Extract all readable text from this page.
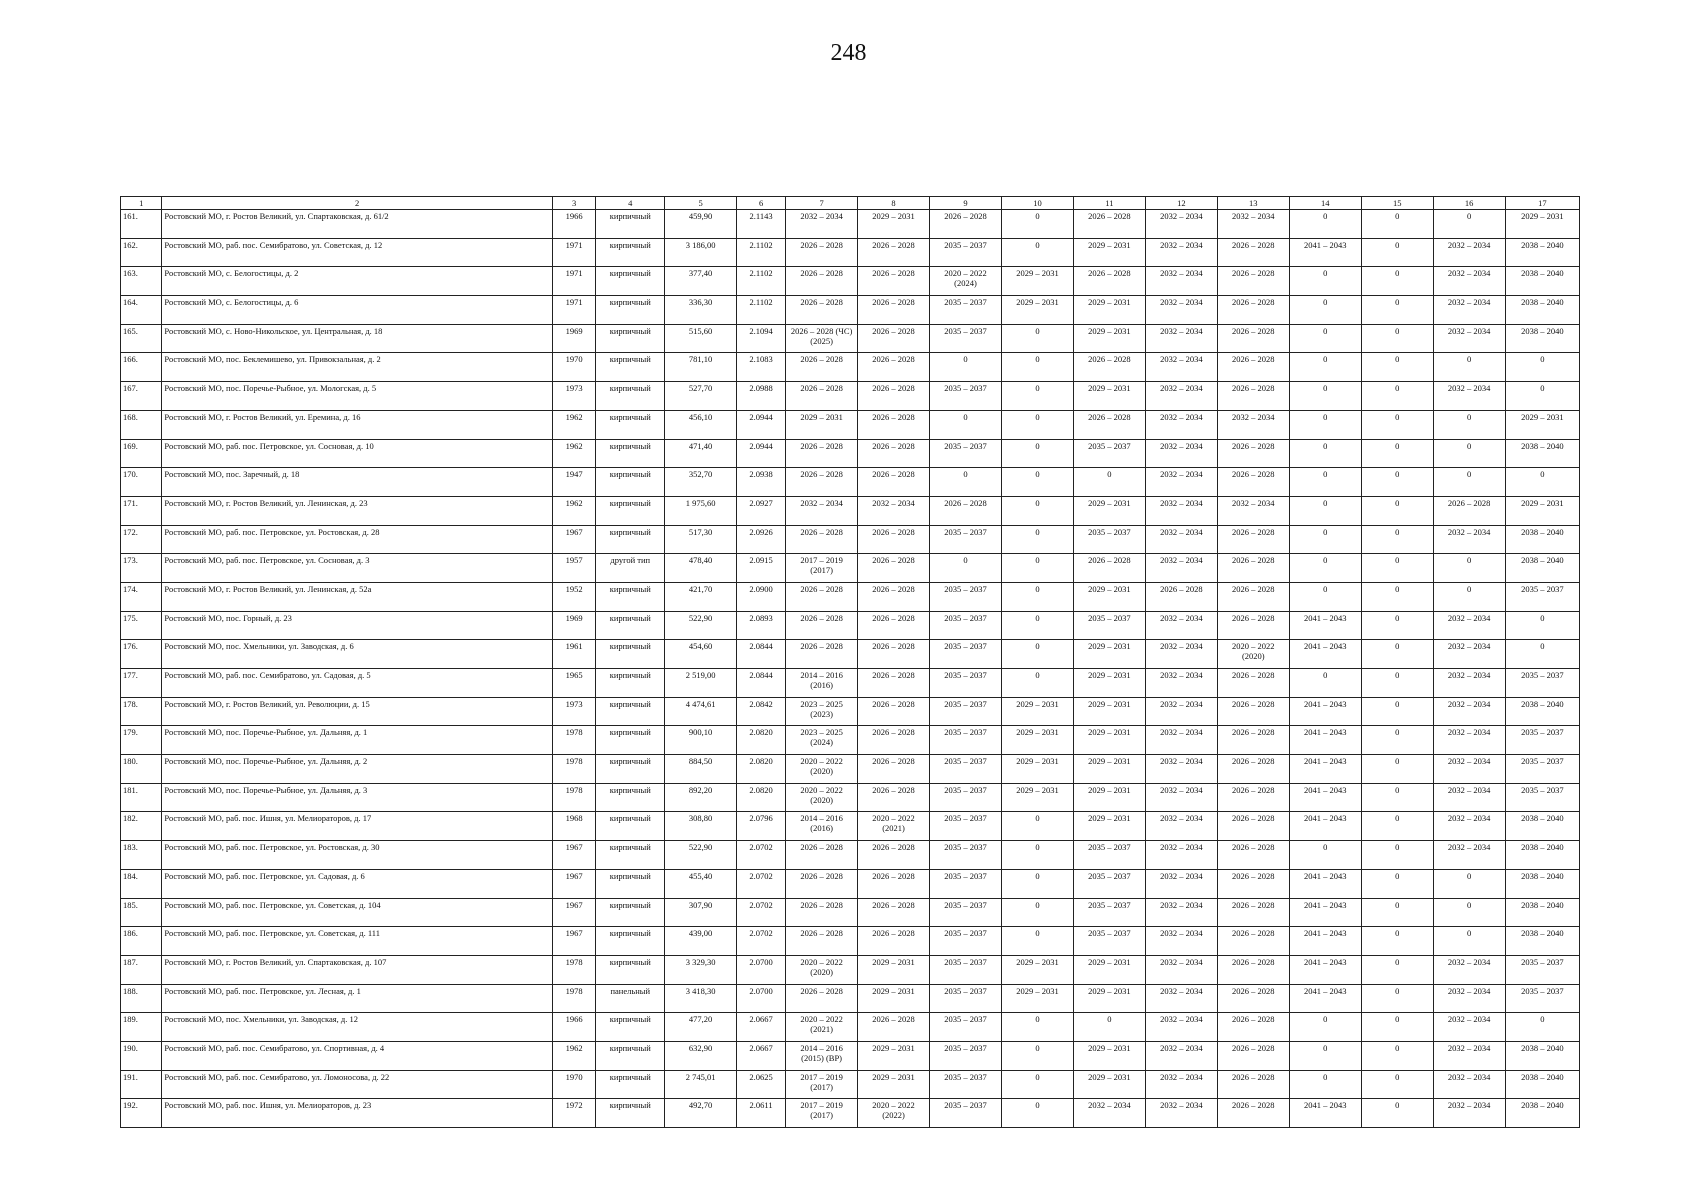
248
1	2	3	4	5	6	7	8	9	10	11	12	13	14	15	16	17
161.	Ростовский МО, г. Ростов Великий, ул. Спартаковская, д. 61/2	1966	кирпичный	459,90	2.1143	2032 – 2034	2029 – 2031	2026 – 2028	0	2026 – 2028	2032 – 2034	2032 – 2034	0	0	0	2029 – 2031
162.	Ростовский МО, раб. пос. Семибратово, ул. Советская, д. 12	1971	кирпичный	3 186,00	2.1102	2026 – 2028	2026 – 2028	2035 – 2037	0	2029 – 2031	2032 – 2034	2026 – 2028	2041 – 2043	0	2032 – 2034	2038 – 2040
163.	Ростовский МО, с. Белогостицы, д. 2	1971	кирпичный	377,40	2.1102	2026 – 2028	2026 – 2028	2020 – 2022 (2024)	2029 – 2031	2026 – 2028	2032 – 2034	2026 – 2028	0	0	2032 – 2034	2038 – 2040
164.	Ростовский МО, с. Белогостицы, д. 6	1971	кирпичный	336,30	2.1102	2026 – 2028	2026 – 2028	2035 – 2037	2029 – 2031	2029 – 2031	2032 – 2034	2026 – 2028	0	0	2032 – 2034	2038 – 2040
165.	Ростовский МО, с. Ново-Никольское, ул. Центральная, д. 18	1969	кирпичный	515,60	2.1094	2026 – 2028 (ЧС) (2025)	2026 – 2028	2035 – 2037	0	2029 – 2031	2032 – 2034	2026 – 2028	0	0	2032 – 2034	2038 – 2040
166.	Ростовский МО, пос. Беклемишево, ул. Привокзальная, д. 2	1970	кирпичный	781,10	2.1083	2026 – 2028	2026 – 2028	0	0	2026 – 2028	2032 – 2034	2026 – 2028	0	0	0	0
167.	Ростовский МО, пос. Поречье-Рыбное, ул. Мологская, д. 5	1973	кирпичный	527,70	2.0988	2026 – 2028	2026 – 2028	2035 – 2037	0	2029 – 2031	2032 – 2034	2026 – 2028	0	0	2032 – 2034	0
168.	Ростовский МО, г. Ростов Великий, ул. Еремина, д. 16	1962	кирпичный	456,10	2.0944	2029 – 2031	2026 – 2028	0	0	2026 – 2028	2032 – 2034	2032 – 2034	0	0	0	2029 – 2031
169.	Ростовский МО, раб. пос. Петровское, ул. Сосновая, д. 10	1962	кирпичный	471,40	2.0944	2026 – 2028	2026 – 2028	2035 – 2037	0	2035 – 2037	2032 – 2034	2026 – 2028	0	0	0	2038 – 2040
170.	Ростовский МО, пос. Заречный, д. 18	1947	кирпичный	352,70	2.0938	2026 – 2028	2026 – 2028	0	0	0	2032 – 2034	2026 – 2028	0	0	0	0
171.	Ростовский МО, г. Ростов Великий, ул. Ленинская, д. 23	1962	кирпичный	1 975,60	2.0927	2032 – 2034	2032 – 2034	2026 – 2028	0	2029 – 2031	2032 – 2034	2032 – 2034	0	0	2026 – 2028	2029 – 2031
172.	Ростовский МО, раб. пос. Петровское, ул. Ростовская, д. 28	1967	кирпичный	517,30	2.0926	2026 – 2028	2026 – 2028	2035 – 2037	0	2035 – 2037	2032 – 2034	2026 – 2028	0	0	2032 – 2034	2038 – 2040
173.	Ростовский МО, раб. пос. Петровское, ул. Сосновая, д. 3	1957	другой тип	478,40	2.0915	2017 – 2019 (2017)	2026 – 2028	0	0	2026 – 2028	2032 – 2034	2026 – 2028	0	0	0	2038 – 2040
174.	Ростовский МО, г. Ростов Великий, ул. Ленинская, д. 52а	1952	кирпичный	421,70	2.0900	2026 – 2028	2026 – 2028	2035 – 2037	0	2029 – 2031	2026 – 2028	2026 – 2028	0	0	0	2035 – 2037
175.	Ростовский МО, пос. Горный, д. 23	1969	кирпичный	522,90	2.0893	2026 – 2028	2026 – 2028	2035 – 2037	0	2035 – 2037	2032 – 2034	2026 – 2028	2041 – 2043	0	2032 – 2034	0
176.	Ростовский МО, пос. Хмельники, ул. Заводская, д. 6	1961	кирпичный	454,60	2.0844	2026 – 2028	2026 – 2028	2035 – 2037	0	2029 – 2031	2032 – 2034	2020 – 2022 (2020)	2041 – 2043	0	2032 – 2034	0
177.	Ростовский МО, раб. пос. Семибратово, ул. Садовая, д. 5	1965	кирпичный	2 519,00	2.0844	2014 – 2016 (2016)	2026 – 2028	2035 – 2037	0	2029 – 2031	2032 – 2034	2026 – 2028	0	0	2032 – 2034	2035 – 2037
178.	Ростовский МО, г. Ростов Великий, ул. Революции, д. 15	1973	кирпичный	4 474,61	2.0842	2023 – 2025 (2023)	2026 – 2028	2035 – 2037	2029 – 2031	2029 – 2031	2032 – 2034	2026 – 2028	2041 – 2043	0	2032 – 2034	2038 – 2040
179.	Ростовский МО, пос. Поречье-Рыбное, ул. Дальняя, д. 1	1978	кирпичный	900,10	2.0820	2023 – 2025 (2024)	2026 – 2028	2035 – 2037	2029 – 2031	2029 – 2031	2032 – 2034	2026 – 2028	2041 – 2043	0	2032 – 2034	2035 – 2037
180.	Ростовский МО, пос. Поречье-Рыбное, ул. Дальняя, д. 2	1978	кирпичный	884,50	2.0820	2020 – 2022 (2020)	2026 – 2028	2035 – 2037	2029 – 2031	2029 – 2031	2032 – 2034	2026 – 2028	2041 – 2043	0	2032 – 2034	2035 – 2037
181.	Ростовский МО, пос. Поречье-Рыбное, ул. Дальняя, д. 3	1978	кирпичный	892,20	2.0820	2020 – 2022 (2020)	2026 – 2028	2035 – 2037	2029 – 2031	2029 – 2031	2032 – 2034	2026 – 2028	2041 – 2043	0	2032 – 2034	2035 – 2037
182.	Ростовский МО, раб. пос. Ишня, ул. Мелиораторов, д. 17	1968	кирпичный	308,80	2.0796	2014 – 2016 (2016)	2020 – 2022 (2021)	2035 – 2037	0	2029 – 2031	2032 – 2034	2026 – 2028	2041 – 2043	0	2032 – 2034	2038 – 2040
183.	Ростовский МО, раб. пос. Петровское, ул. Ростовская, д. 30	1967	кирпичный	522,90	2.0702	2026 – 2028	2026 – 2028	2035 – 2037	0	2035 – 2037	2032 – 2034	2026 – 2028	0	0	2032 – 2034	2038 – 2040
184.	Ростовский МО, раб. пос. Петровское, ул. Садовая, д. 6	1967	кирпичный	455,40	2.0702	2026 – 2028	2026 – 2028	2035 – 2037	0	2035 – 2037	2032 – 2034	2026 – 2028	2041 – 2043	0	0	2038 – 2040
185.	Ростовский МО, раб. пос. Петровское, ул. Советская, д. 104	1967	кирпичный	307,90	2.0702	2026 – 2028	2026 – 2028	2035 – 2037	0	2035 – 2037	2032 – 2034	2026 – 2028	2041 – 2043	0	0	2038 – 2040
186.	Ростовский МО, раб. пос. Петровское, ул. Советская, д. 111	1967	кирпичный	439,00	2.0702	2026 – 2028	2026 – 2028	2035 – 2037	0	2035 – 2037	2032 – 2034	2026 – 2028	2041 – 2043	0	0	2038 – 2040
187.	Ростовский МО, г. Ростов Великий, ул. Спартаковская, д. 107	1978	кирпичный	3 329,30	2.0700	2020 – 2022 (2020)	2029 – 2031	2035 – 2037	2029 – 2031	2029 – 2031	2032 – 2034	2026 – 2028	2041 – 2043	0	2032 – 2034	2035 – 2037
188.	Ростовский МО, раб. пос. Петровское, ул. Лесная, д. 1	1978	панельный	3 418,30	2.0700	2026 – 2028	2029 – 2031	2035 – 2037	2029 – 2031	2029 – 2031	2032 – 2034	2026 – 2028	2041 – 2043	0	2032 – 2034	2035 – 2037
189.	Ростовский МО, пос. Хмельники, ул. Заводская, д. 12	1966	кирпичный	477,20	2.0667	2020 – 2022 (2021)	2026 – 2028	2035 – 2037	0	0	2032 – 2034	2026 – 2028	0	0	2032 – 2034	0
190.	Ростовский МО, раб. пос. Семибратово, ул. Спортивная, д. 4	1962	кирпичный	632,90	2.0667	2014 – 2016 (2015) (ВР)	2029 – 2031	2035 – 2037	0	2029 – 2031	2032 – 2034	2026 – 2028	0	0	2032 – 2034	2038 – 2040
191.	Ростовский МО, раб. пос. Семибратово, ул. Ломоносова, д. 22	1970	кирпичный	2 745,01	2.0625	2017 – 2019 (2017)	2029 – 2031	2035 – 2037	0	2029 – 2031	2032 – 2034	2026 – 2028	0	0	2032 – 2034	2038 – 2040
192.	Ростовский МО, раб. пос. Ишня, ул. Мелиораторов, д. 23	1972	кирпичный	492,70	2.0611	2017 – 2019 (2017)	2020 – 2022 (2022)	2035 – 2037	0	2032 – 2034	2032 – 2034	2026 – 2028	2041 – 2043	0	2032 – 2034	2038 – 2040
